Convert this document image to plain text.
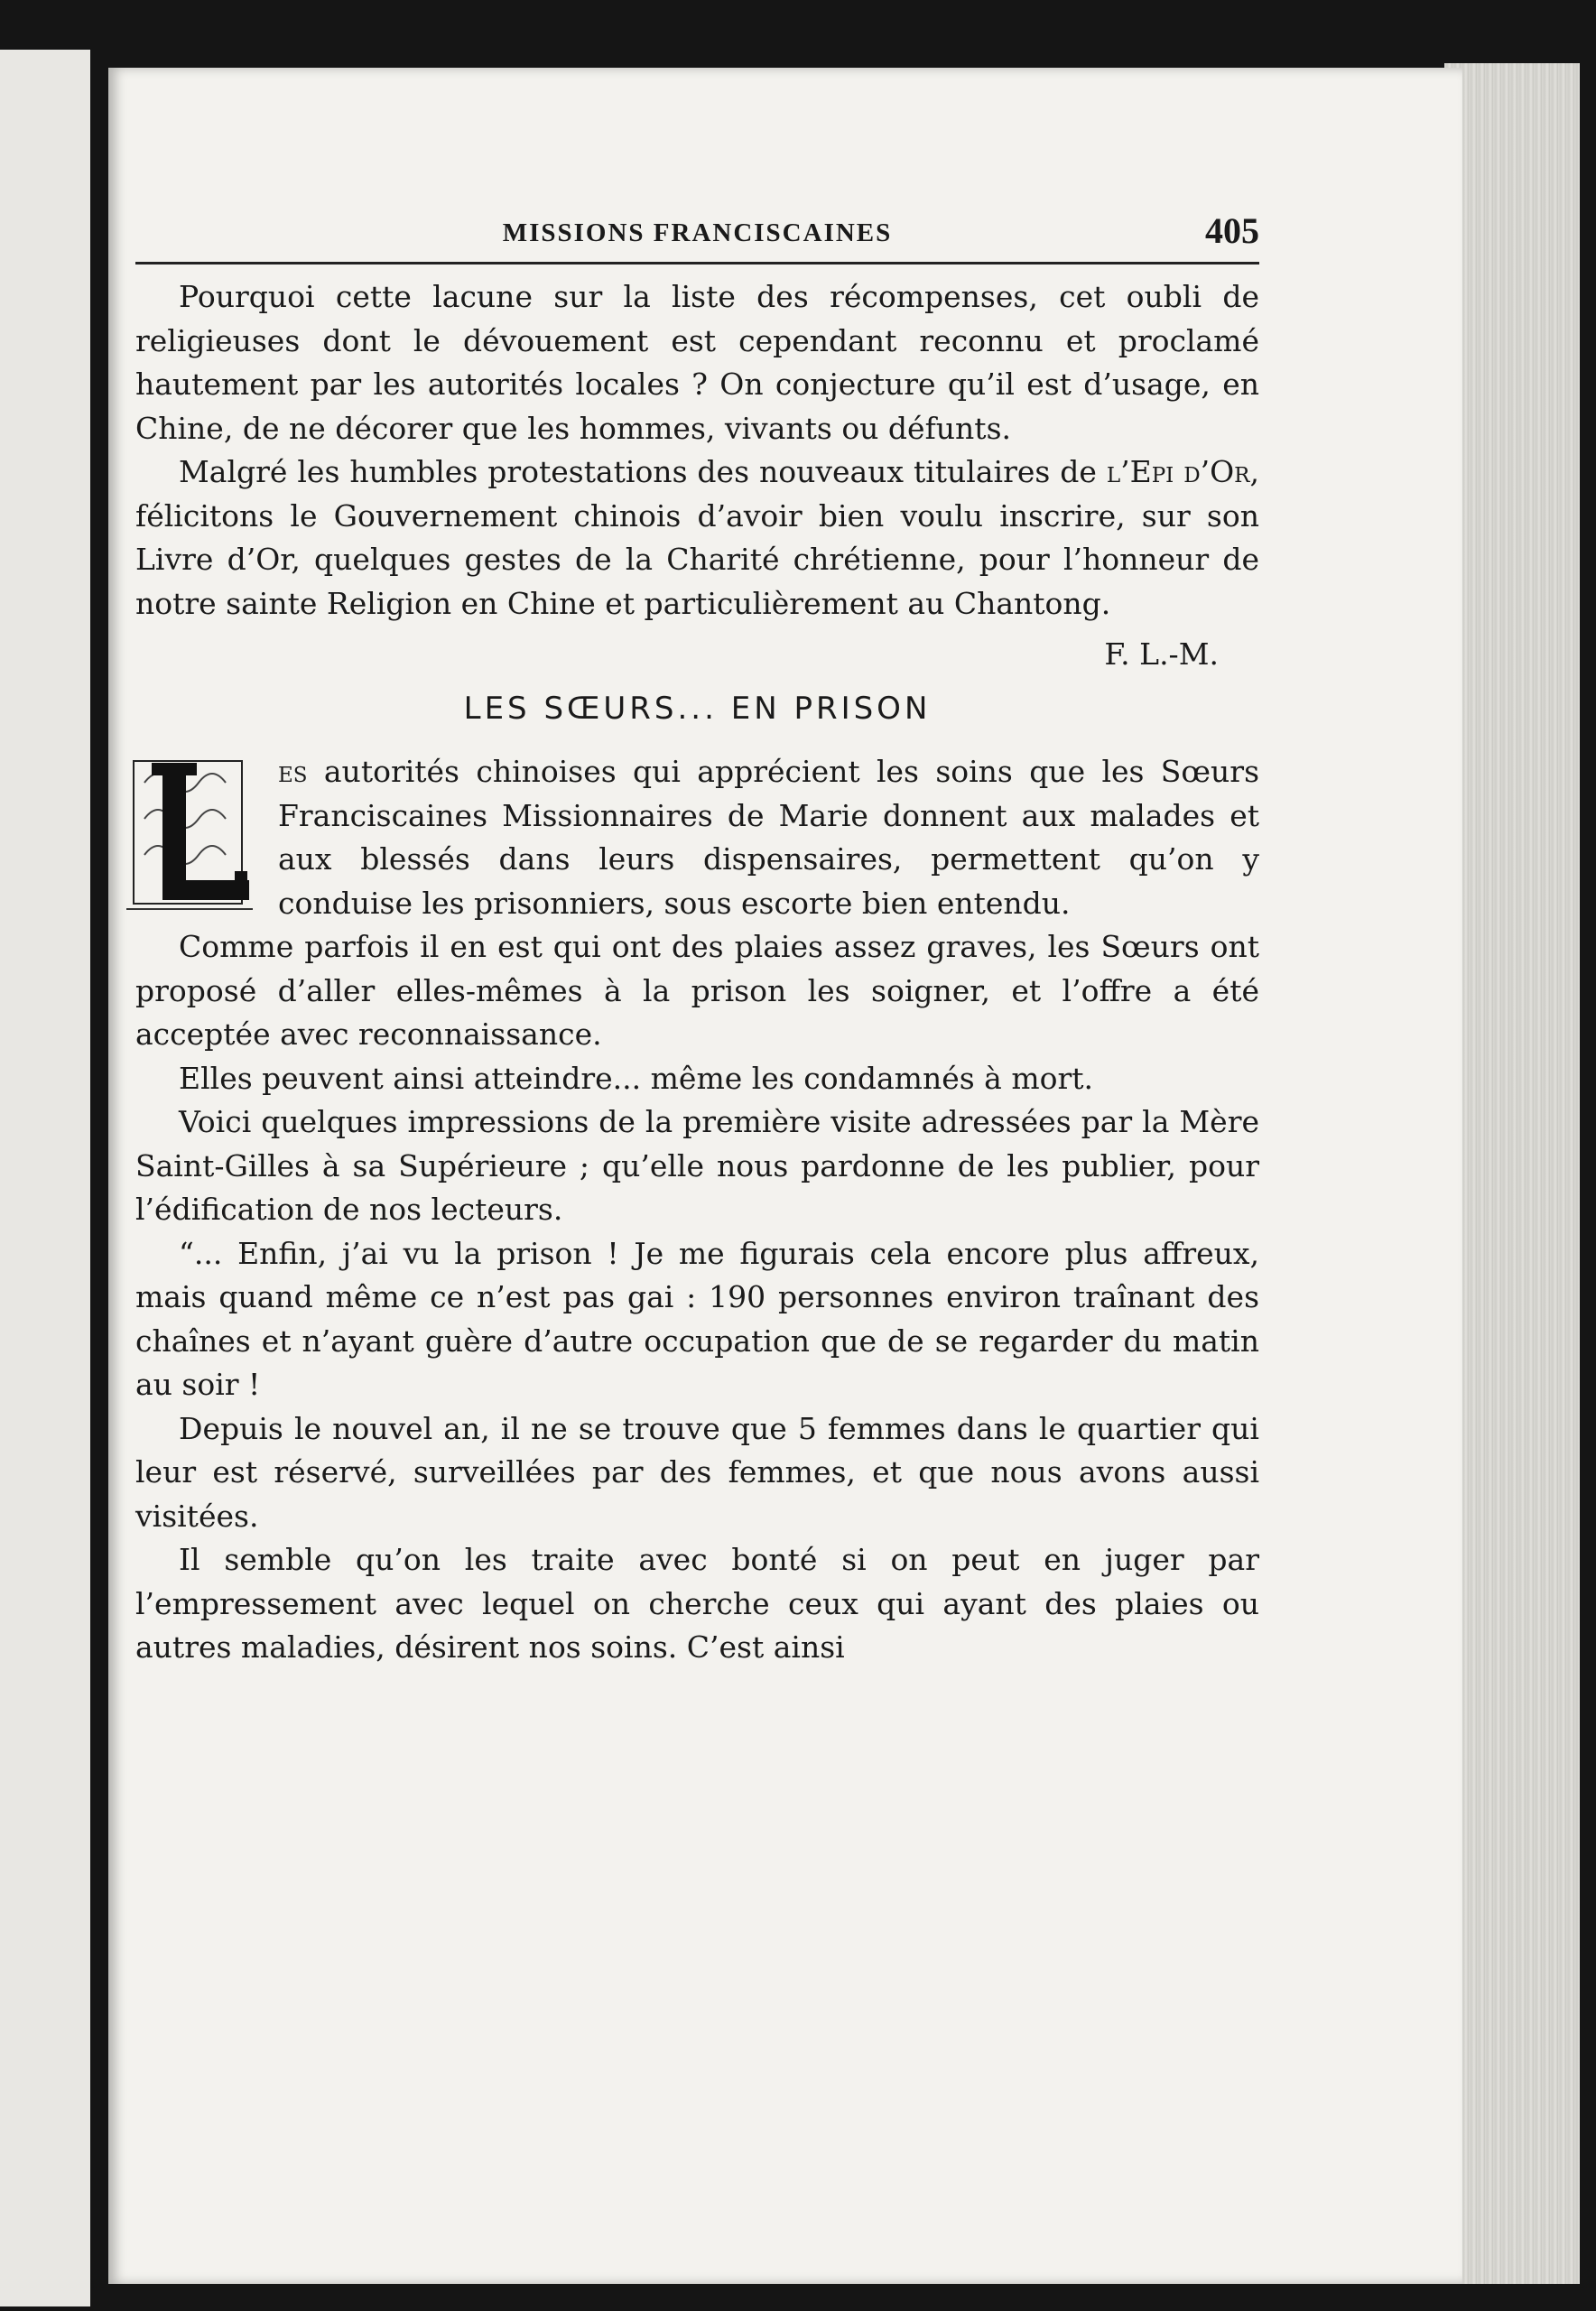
MISSIONS FRANCISCAINES	405

Pourquoi cette lacune sur la liste des récompenses, cet oubli de religieuses dont le dévouement est cependant reconnu et proclamé hautement par les autorités locales ? On conjecture qu’il est d’usage, en Chine, de ne décorer que les hommes, vivants ou défunts.

Malgré les humbles protestations des nouveaux titulaires de l’Epi d’Or, félicitons le Gouvernement chinois d’avoir bien voulu inscrire, sur son Livre d’Or, quelques gestes de la Charité chrétienne, pour l’honneur de notre sainte Religion en Chine et particulièrement au Chantong.

F. L.-M.
LES SŒURS... EN PRISON

es autorités chinoises qui apprécient les soins que les Sœurs Franciscaines Missionnaires de Marie donnent aux malades et aux blessés dans leurs dispensaires, permettent qu’on y conduise les prisonniers, sous escorte bien entendu.

Comme parfois il en est qui ont des plaies assez graves, les Sœurs ont proposé d’aller elles-mêmes à la prison les soigner, et l’offre a été acceptée avec reconnaissance.

Elles peuvent ainsi atteindre... même les condamnés à mort.

Voici quelques impressions de la première visite adressées par la Mère Saint-Gilles à sa Supérieure ; qu’elle nous pardonne de les publier, pour l’édification de nos lecteurs.

“... Enfin, j’ai vu la prison ! Je me figurais cela encore plus affreux, mais quand même ce n’est pas gai : 190 personnes environ traînant des chaînes et n’ayant guère d’autre occupation que de se regarder du matin au soir !

Depuis le nouvel an, il ne se trouve que 5 femmes dans le quartier qui leur est réservé, surveillées par des femmes, et que nous avons aussi visitées.

Il semble qu’on les traite avec bonté si on peut en juger par l’empressement avec lequel on cherche ceux qui ayant des plaies ou autres maladies, désirent nos soins. C’est ainsi
